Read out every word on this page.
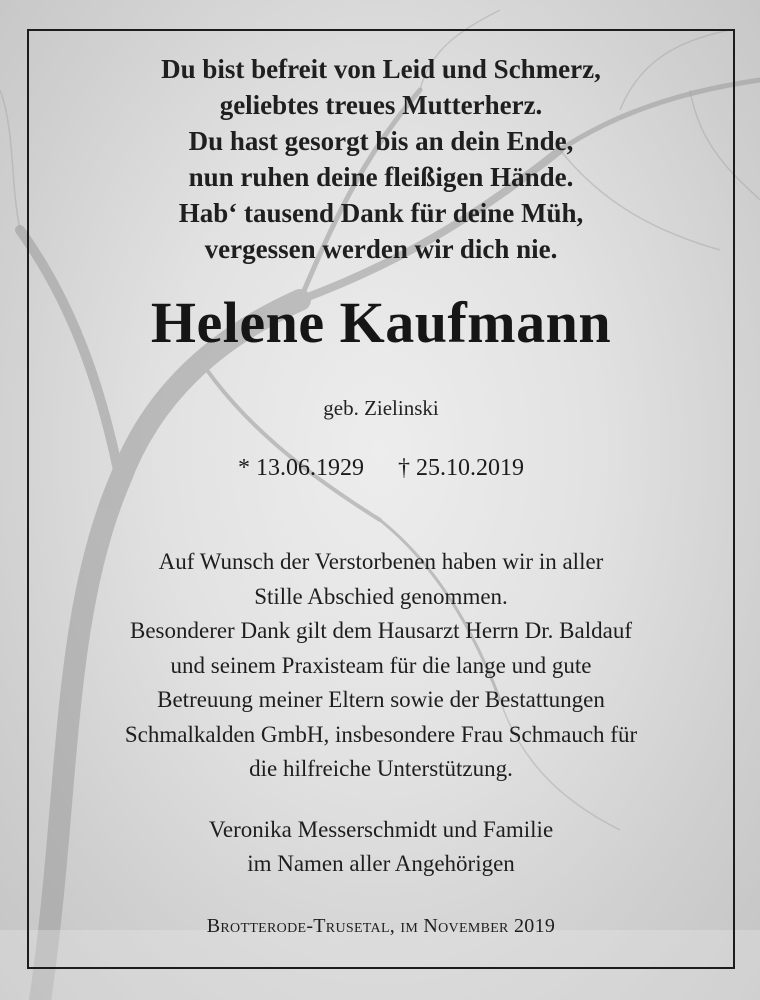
Du bist befreit von Leid und Schmerz,
geliebtes treues Mutterherz.
Du hast gesorgt bis an dein Ende,
nun ruhen deine fleißigen Hände.
Hab‘ tausend Dank für deine Müh,
vergessen werden wir dich nie.
Helene Kaufmann
geb. Zielinski
* 13.06.1929 † 25.10.2019
Auf Wunsch der Verstorbenen haben wir in aller
Stille Abschied genommen.
Besonderer Dank gilt dem Hausarzt Herrn Dr. Baldauf
und seinem Praxisteam für die lange und gute
Betreuung meiner Eltern sowie der Bestattungen
Schmalkalden GmbH, insbesondere Frau Schmauch für
die hilfreiche Unterstützung.
Veronika Messerschmidt und Familie
im Namen aller Angehörigen
Brotterode-Trusetal, im November 2019
